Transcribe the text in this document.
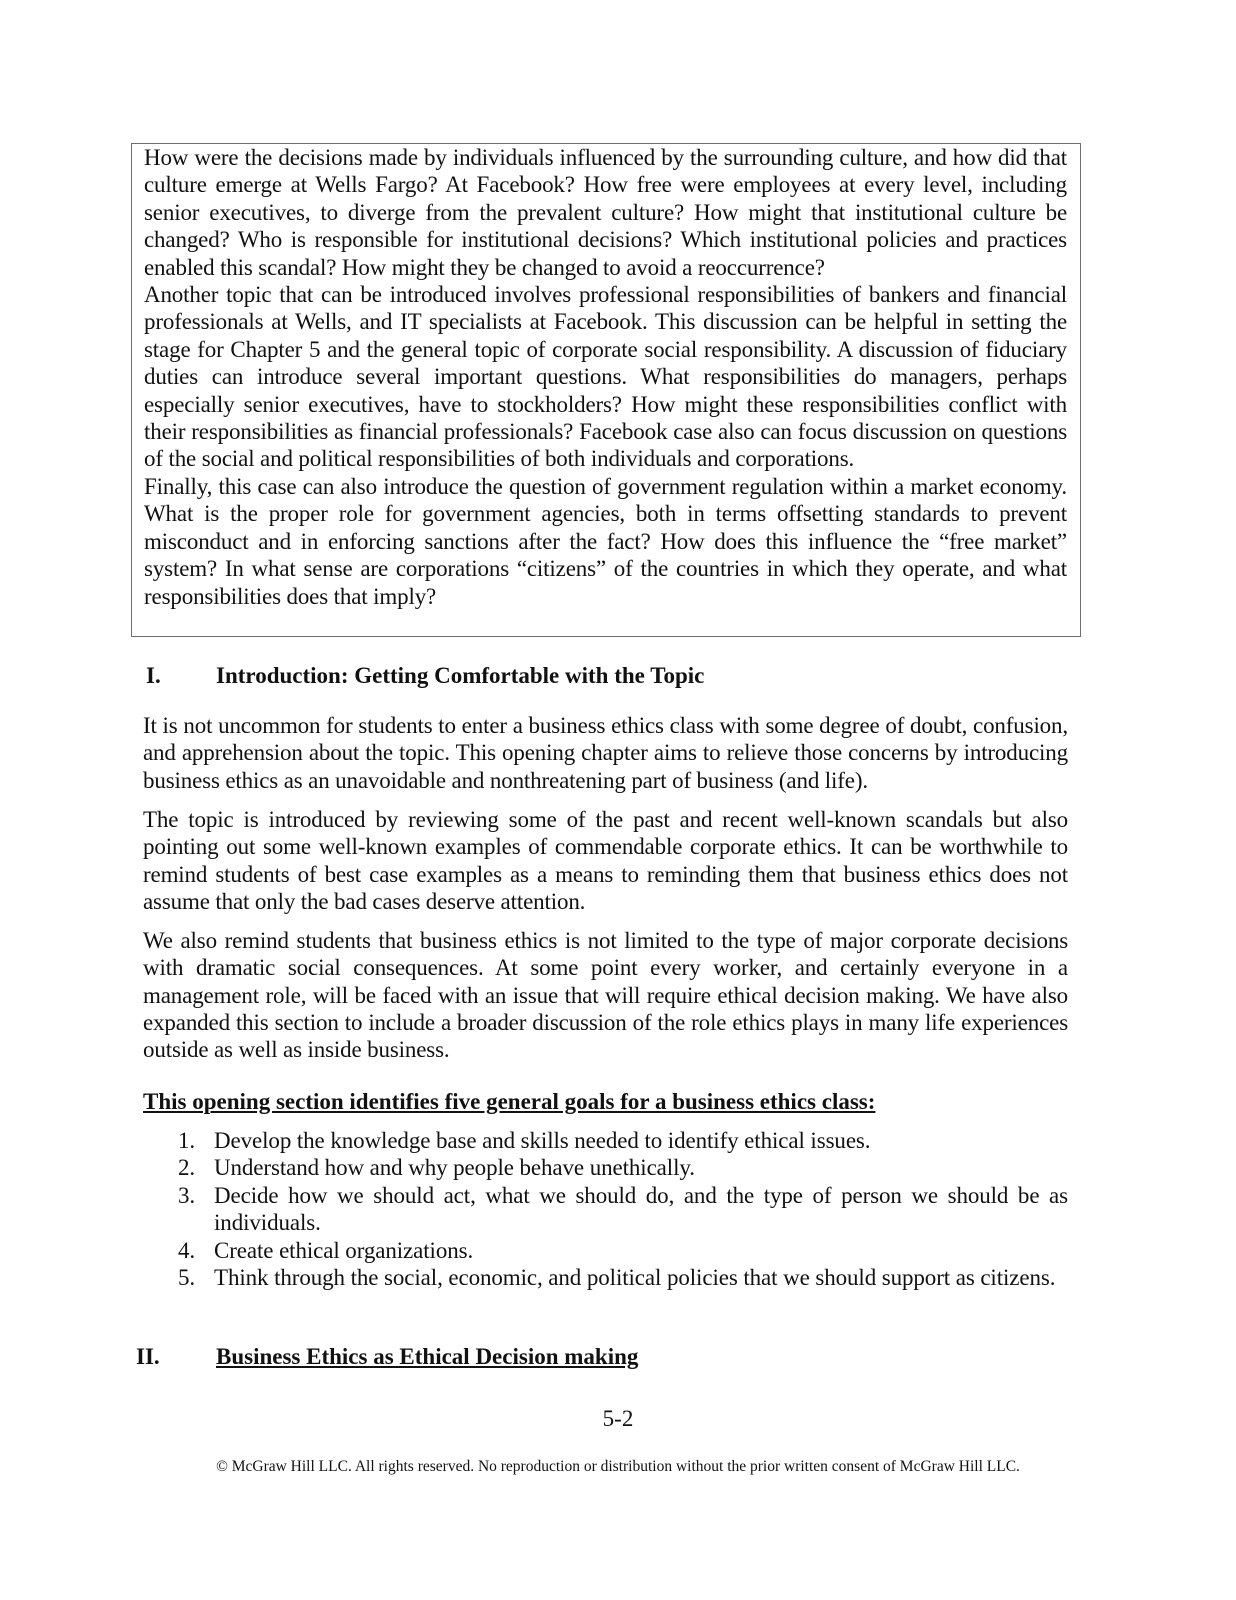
How were the decisions made by individuals influenced by the surrounding culture, and how did that culture emerge at Wells Fargo? At Facebook? How free were employees at every level, including senior executives, to diverge from the prevalent culture? How might that institutional culture be changed? Who is responsible for institutional decisions? Which institutional policies and practices enabled this scandal? How might they be changed to avoid a reoccurrence?

Another topic that can be introduced involves professional responsibilities of bankers and financial professionals at Wells, and IT specialists at Facebook. This discussion can be helpful in setting the stage for Chapter 5 and the general topic of corporate social responsibility. A discussion of fiduciary duties can introduce several important questions. What responsibilities do managers, perhaps especially senior executives, have to stockholders? How might these responsibilities conflict with their responsibilities as financial professionals? Facebook case also can focus discussion on questions of the social and political responsibilities of both individuals and corporations.

Finally, this case can also introduce the question of government regulation within a market economy. What is the proper role for government agencies, both in terms offsetting standards to prevent misconduct and in enforcing sanctions after the fact? How does this influence the “free market” system? In what sense are corporations “citizens” of the countries in which they operate, and what responsibilities does that imply?

I. Introduction: Getting Comfortable with the Topic

It is not uncommon for students to enter a business ethics class with some degree of doubt, confusion, and apprehension about the topic. This opening chapter aims to relieve those concerns by introducing business ethics as an unavoidable and nonthreatening part of business (and life).

The topic is introduced by reviewing some of the past and recent well-known scandals but also pointing out some well-known examples of commendable corporate ethics. It can be worthwhile to remind students of best case examples as a means to reminding them that business ethics does not assume that only the bad cases deserve attention.

We also remind students that business ethics is not limited to the type of major corporate decisions with dramatic social consequences. At some point every worker, and certainly everyone in a management role, will be faced with an issue that will require ethical decision making. We have also expanded this section to include a broader discussion of the role ethics plays in many life experiences outside as well as inside business.

This opening section identifies five general goals for a business ethics class:

1. Develop the knowledge base and skills needed to identify ethical issues.
2. Understand how and why people behave unethically.
3. Decide how we should act, what we should do, and the type of person we should be as individuals.
4. Create ethical organizations.
5. Think through the social, economic, and political policies that we should support as citizens.
II. Business Ethics as Ethical Decision making
5-2
© McGraw Hill LLC. All rights reserved. No reproduction or distribution without the prior written consent of McGraw Hill LLC.
